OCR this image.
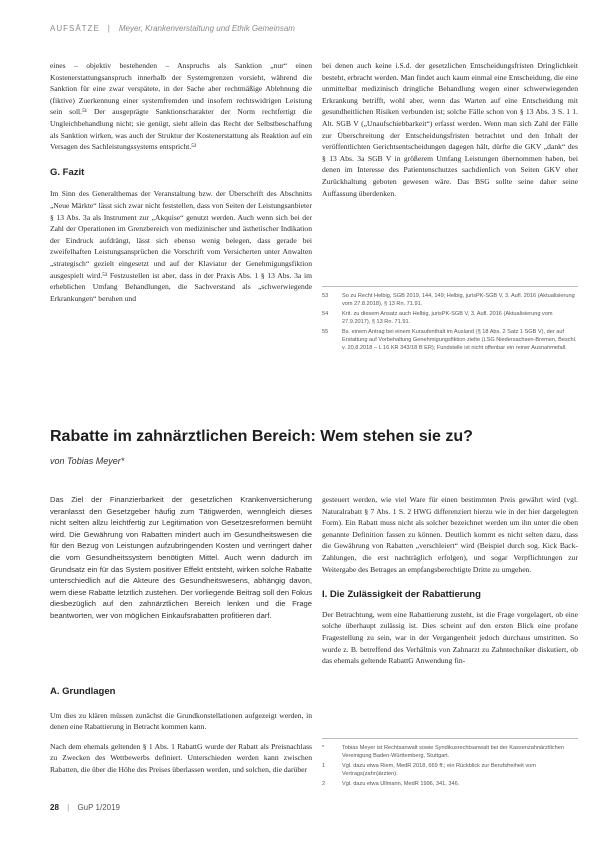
AUFSÄTZE | Meyer, Krankenverstaltung und Ethik Gemeinsam

eines – objektiv bestehenden – Anspruchs als Sanktion „nur“ einen Kostenerstattungsanspruch innerhalb der Systemgrenzen vorsieht, während die Sanktion für eine zwar verspätete, in der Sache aber rechtmäßige Ablehnung die (fiktive) Zuerkennung einer systemfremden und insofern rechtswidrigen Leistung sein soll.⁵¹ Der ausgeprägte Sanktionscharakter der Norm rechtfertigt die Ungleichbehandlung nicht; sie genügt, sieht allein das Recht der Selbstbeschaffung als Sanktion wirken, was auch der Struktur der Kostenerstattung als Reaktion auf ein Versagen des Sachleistungssystems entspricht.⁵²

G. Fazit

Im Sinn des Generalthemas der Veranstaltung bzw. der Überschrift des Abschnitts „Neue Märkte“ lässt sich zwar nicht feststellen, dass von Seiten der Leistungsanbieter § 13 Abs. 3a als Instrument zur „Akquise“ genutzt werden. Auch wenn sich bei der Zahl der Operationen im Grenzbereich von medizinischer und ästhetischer Indikation der Eindruck aufdrängt, lässt sich ebenso wenig belegen, dass gerade bei zweifelhaften Leistungsansprüchen die Vorschrift vom Versicherten unter Anwalten „strategisch“ gezielt eingesetzt und auf der Klaviatur der Genehmigungsfiktion ausgespielt wird.⁵³ Festzustellen ist aber, dass in der Praxis Abs. 1 § 13 Abs. 3a im erheblichen Umfang Behandlungen, die Sachverstand als „schwerwiegende Erkrankungen“ beruhen und

bei denen auch keine i.S.d. der gesetzlichen Entscheidungsfristen Dringlichkeit besteht, erbracht werden. Man findet auch kaum einmal eine Entscheidung, die eine unmittelbar medizinisch dringliche Behandlung wegen einer schwerwiegenden Erkrankung betrifft, wohl aber, wenn das Warten auf eine Entscheidung mit gesundheitlichen Risiken verbunden ist; solche Fälle schon von § 13 Abs. 3 S. 1 1. Alt. SGB V („Unaufschiebbarkeit“) erfasst werden. Wenn man sich Zahl der Fälle zur Überschreitung der Entscheidungsfristen betrachtet und den Inhalt der veröffentlichten Gerichtsentscheidungen dagegen hält, dürfte die GKV „dank“ des § 13 Abs. 3a SGB V in größerem Umfang Leistungen übernommen haben, bei denen im Interesse des Patientenschutzes sachdienlich von Seiten GKV eher Zurückhaltung geboten gewesen wäre. Das BSG sollte seine daher seine Auffassung überdenken.

53	So zu Recht Helbig, SGB 2019, 144, 149; Helbig, jurisPK-SGB V, 3. Aufl. 2016 (Aktualisierung vom 27.8.2018), § 13 Rn. 71.91.
54	Krit. zu diesem Ansatz auch Helbig, jurisPK-SGB V, 3. Aufl. 2016 (Aktualisierung vom 27.9.2017), § 13 Rn. 71.91.
55	Bs. einem Antrag bei einem Kuraufenthalt im Ausland (§ 18 Abs. 2 Satz 1 SGB V), der auf Erstattung auf Vorbehaltung Genehmigungsfiktion zielte (LSG Niedersachsen-Bremen, Beschl. v. 20.8.2018 – L 16 KR 343/18 B ER); Fundstelle ist nicht offenbar ein reiner Ausnahmefall.
Rabatte im zahnärztlichen Bereich: Wem stehen sie zu?
von Tobias Meyer*
Das Ziel der Finanzierbarkeit der gesetzlichen Krankenversicherung veranlasst den Gesetzgeber häufig zum Tätigwerden, wenngleich dieses nicht selten allzu leichtfertig zur Legitimation von Gesetzesreformen bemüht wird. Die Gewährung von Rabatten mindert auch im Gesundheitswesen die für den Bezug von Leistungen aufzubringenden Kosten und verringert daher die vom Gesundheitssystem benötigten Mittel. Auch wenn dadurch im Grundsatz ein für das System positiver Effekt entsteht, wirken solche Rabatte unterschiedlich auf die Akteure des Gesundheitswesens, abhängig davon, wem diese Rabatte letztlich zustehen. Der vorliegende Beitrag soll den Fokus diesbezüglich auf den zahnärztlichen Bereich lenken und die Frage beantworten, wer von möglichen Einkaufsrabatten profitieren darf.
A. Grundlagen

Um dies zu klären müssen zunächst die Grundkonstellationen aufgezeigt werden, in denen eine Rabattierung in Betracht kommen kann.

Nach dem ehemals geltenden § 1 Abs. 1 RabattG wurde der Rabatt als Preisnachlass zu Zwecken des Wettbewerbs definiert. Unterschieden werden kann zwischen Rabatten, die über die Höhe des Preises überlassen werden, und solchen, die darüber

gesteuert werden, wie viel Ware für einen bestimmten Preis gewährt wird (vgl. Naturalrabatt § 7 Abs. 1 S. 2 HWG differenziert hierzu wie in der hier dargelegten Form). Ein Rabatt muss nicht als solcher bezeichnet werden um ihn unter die oben genannte Definition fassen zu können. Deutlich kommt es nicht selten dazu, dass die Gewährung von Rabatten „verschleiert“ wird (Beispiel durch sog. Kick Back-Zahlungen, die erst nachträglich erfolgen), und sogar Verpflichtungen zur Weitergabe des Betrages an empfangsberechtigte Dritte zu umgehen.

I. Die Zulässigkeit der Rabattierung

Der Betrachtung, wem eine Rabattierung zusteht, ist die Frage vorgelagert, ob eine solche überhaupt zulässig ist. Dies scheint auf den ersten Blick eine profane Fragestellung zu sein, war in der Vergangenheit jedoch durchaus umstritten. So wurde z. B. betreffend des Verhältnis von Zahnarzt zu Zahntechniker diskutiert, ob das ehemals geltende RabattG Anwendung fin-

*	Tobias Meyer ist Rechtsanwalt sowie Syndikusrechtsanwalt bei der Kassenzahnärztlichen Vereinigung Baden-Württemberg, Stuttgart.
1	Vgl. dazu etwa Riem, MedR 2018, 669 ff.; ein Rückblick zur Berufsfreiheit vom Vertrags(zahn)ärzten).
2	Vgl. dazu etwa Ullmann, MedR 1996, 341, 346.
28 | GuP 1/2019
